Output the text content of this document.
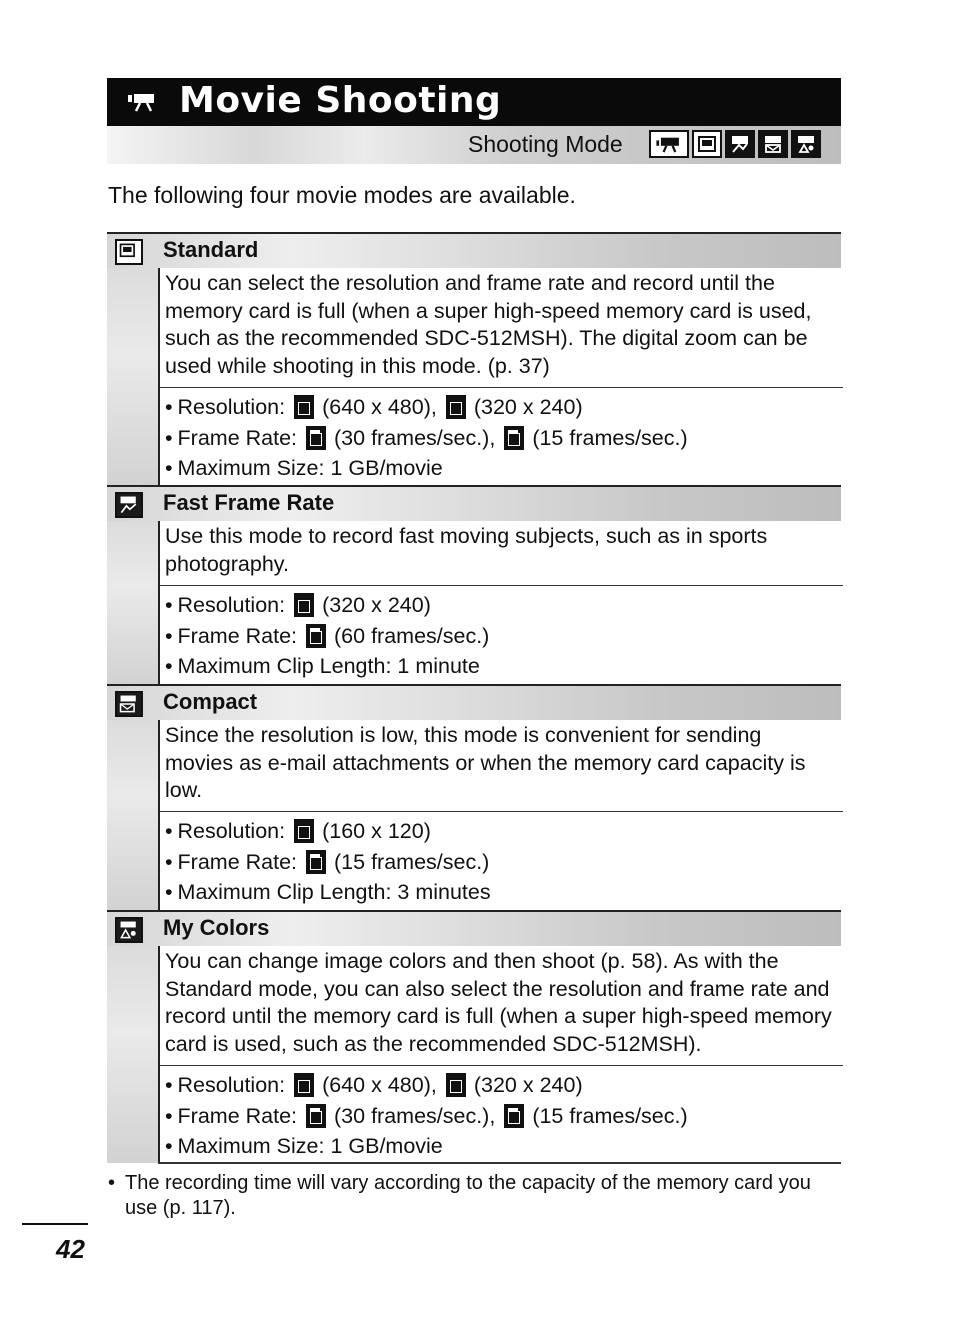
Movie Shooting
Shooting Mode
The following four movie modes are available.
Standard
You can select the resolution and frame rate and record until the memory card is full (when a super high-speed memory card is used, such as the recommended SDC-512MSH). The digital zoom can be used while shooting in this mode. (p. 37)
• Resolution: (640 x 480), (320 x 240)
• Frame Rate: (30 frames/sec.), (15 frames/sec.)
• Maximum Size: 1 GB/movie
Fast Frame Rate
Use this mode to record fast moving subjects, such as in sports photography.
• Resolution: (320 x 240)
• Frame Rate: (60 frames/sec.)
• Maximum Clip Length: 1 minute
Compact
Since the resolution is low, this mode is convenient for sending movies as e-mail attachments or when the memory card capacity is low.
• Resolution: (160 x 120)
• Frame Rate: (15 frames/sec.)
• Maximum Clip Length: 3 minutes
My Colors
You can change image colors and then shoot (p. 58). As with the Standard mode, you can also select the resolution and frame rate and record until the memory card is full (when a super high-speed memory card is used, such as the recommended SDC-512MSH).
• Resolution: (640 x 480), (320 x 240)
• Frame Rate: (30 frames/sec.), (15 frames/sec.)
• Maximum Size: 1 GB/movie
• The recording time will vary according to the capacity of the memory card you use (p. 117).
42
